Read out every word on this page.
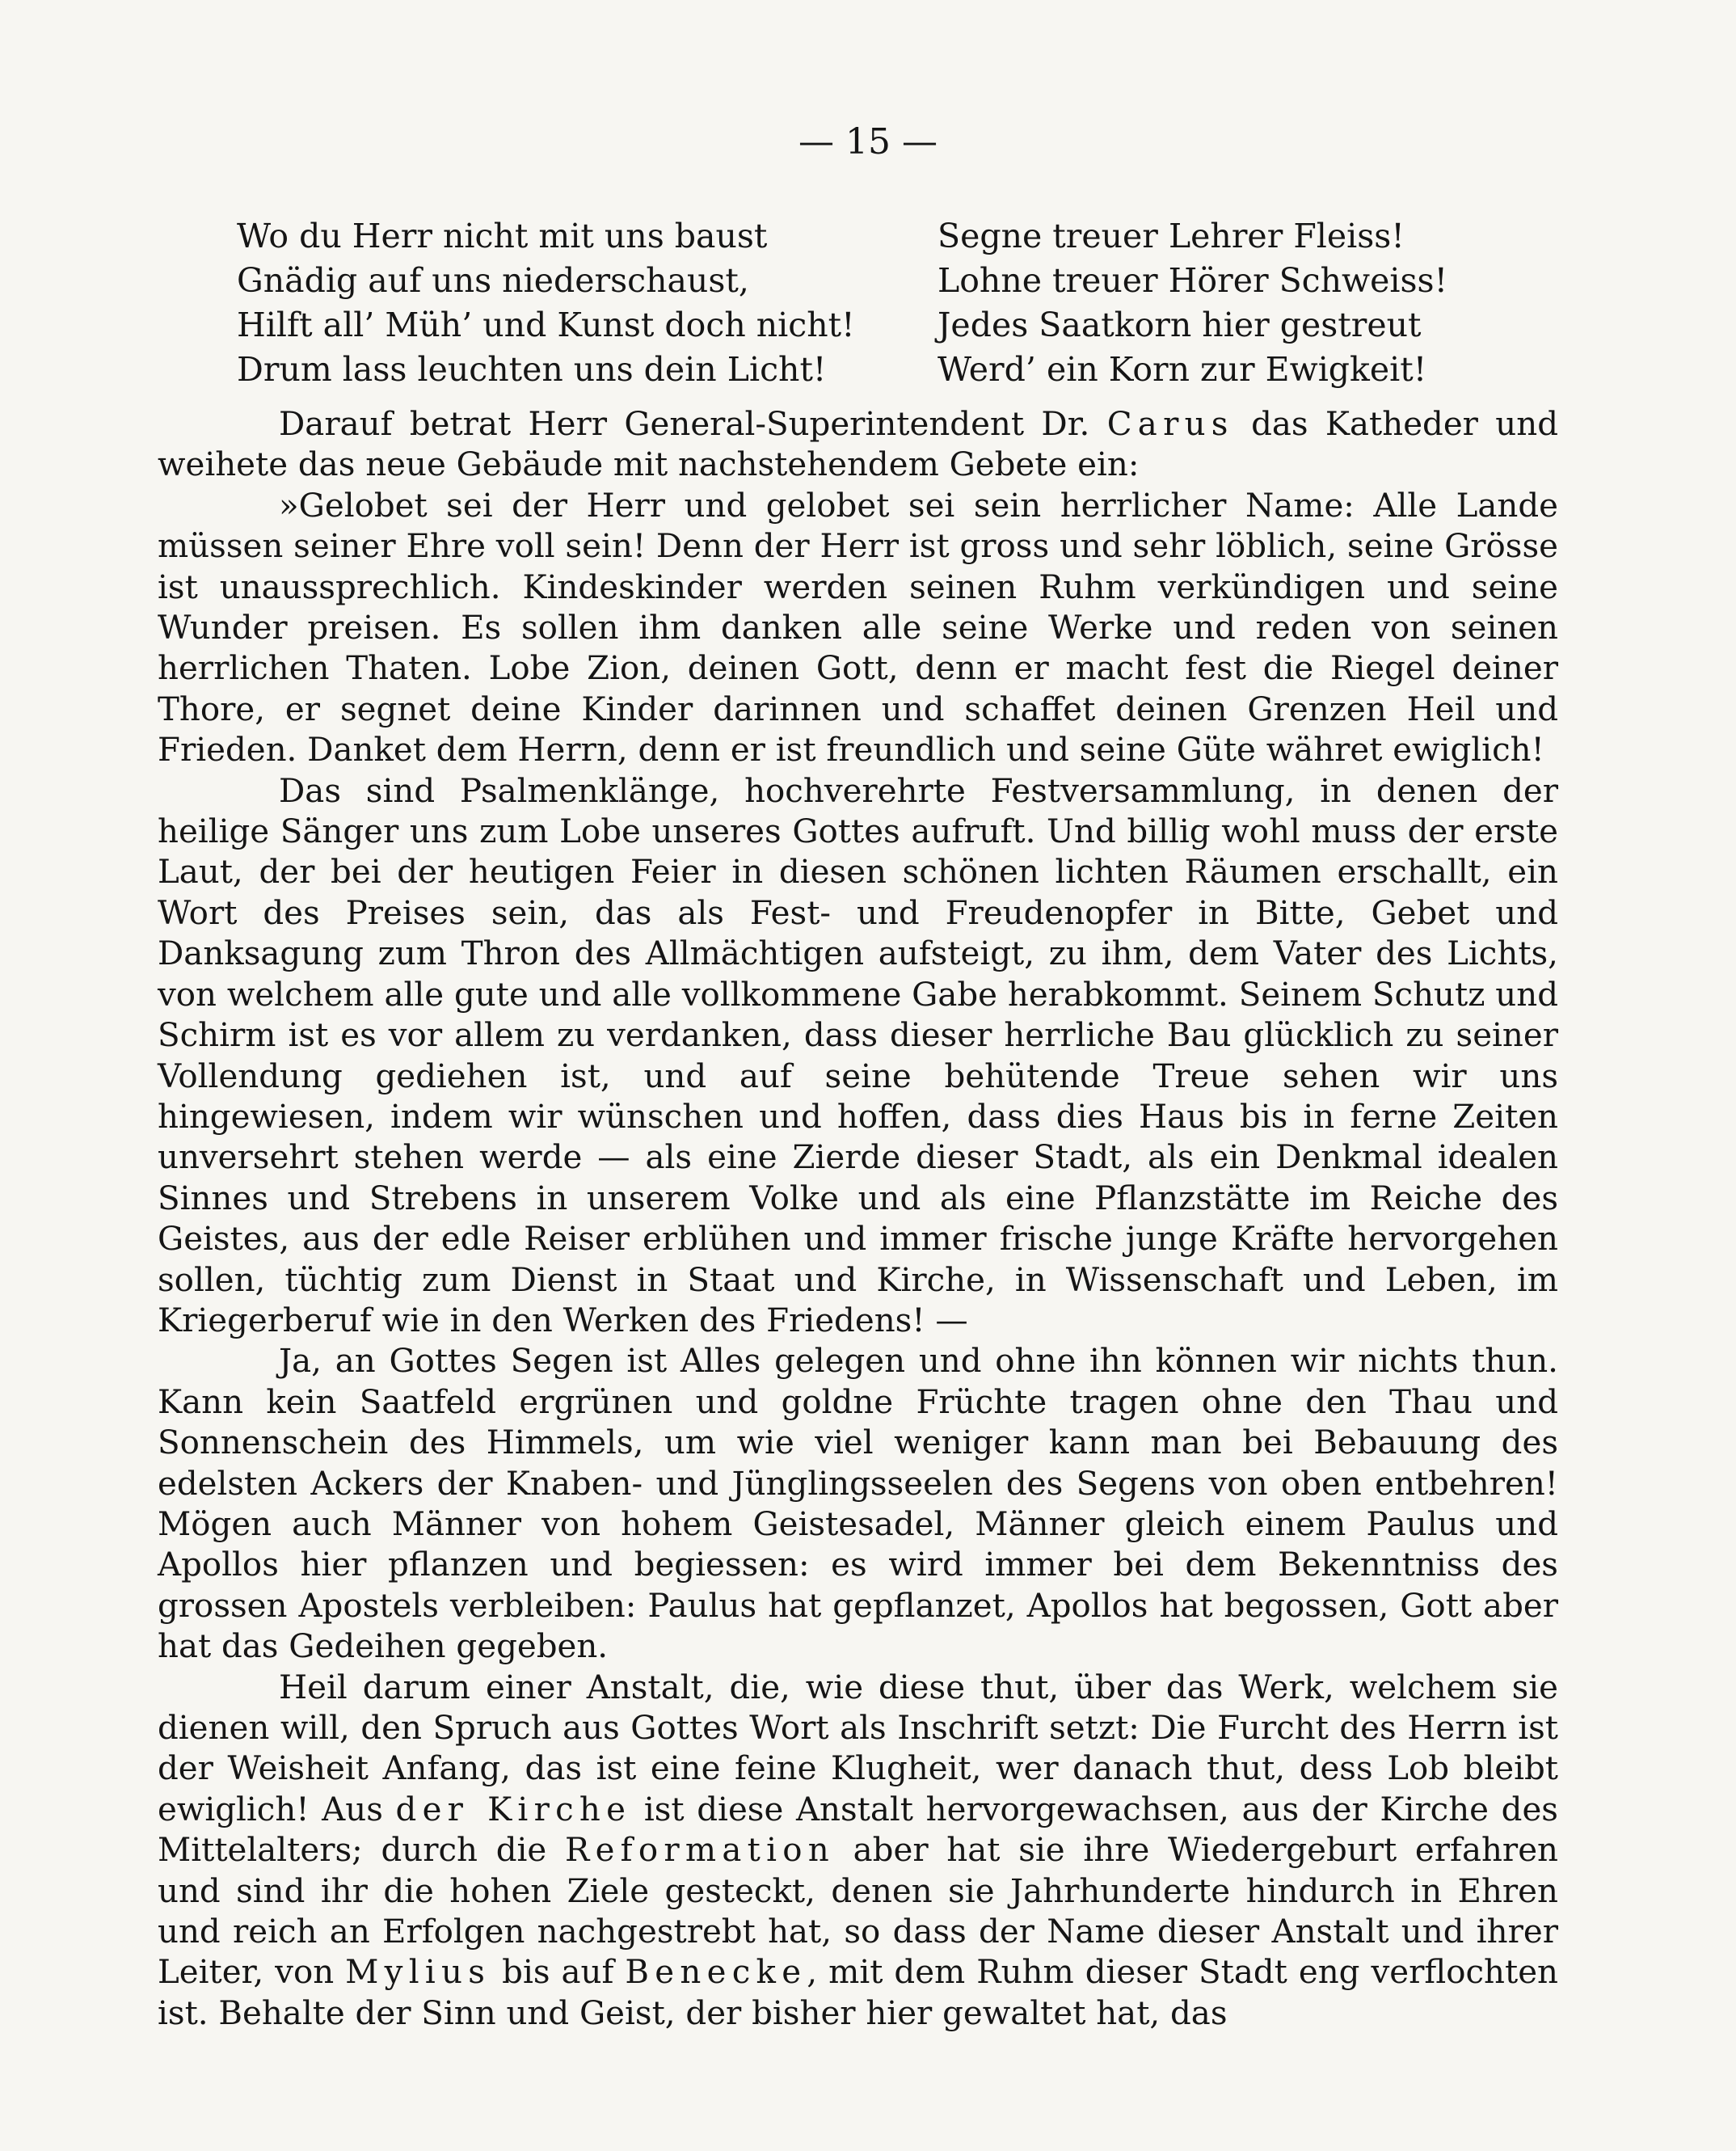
— 15 —
Wo du Herr nicht mit uns baust
Gnädig auf uns niederschaust,
Hilft all’ Müh’ und Kunst doch nicht!
Drum lass leuchten uns dein Licht!
Segne treuer Lehrer Fleiss!
Lohne treuer Hörer Schweiss!
Jedes Saatkorn hier gestreut
Werd’ ein Korn zur Ewigkeit!

Darauf betrat Herr General-Superintendent Dr. Carus das Katheder und weihete das neue Gebäude mit nachstehendem Gebete ein:

»Gelobet sei der Herr und gelobet sei sein herrlicher Name: Alle Lande müssen seiner Ehre voll sein! Denn der Herr ist gross und sehr löblich, seine Grösse ist unaussprechlich. Kindeskinder werden seinen Ruhm verkündigen und seine Wunder preisen. Es sollen ihm danken alle seine Werke und reden von seinen herrlichen Thaten. Lobe Zion, deinen Gott, denn er macht fest die Riegel deiner Thore, er segnet deine Kinder darinnen und schaffet deinen Grenzen Heil und Frieden. Danket dem Herrn, denn er ist freundlich und seine Güte währet ewiglich!

Das sind Psalmenklänge, hochverehrte Festversammlung, in denen der heilige Sänger uns zum Lobe unseres Gottes aufruft. Und billig wohl muss der erste Laut, der bei der heutigen Feier in diesen schönen lichten Räumen erschallt, ein Wort des Preises sein, das als Fest- und Freudenopfer in Bitte, Gebet und Danksagung zum Thron des Allmächtigen aufsteigt, zu ihm, dem Vater des Lichts, von welchem alle gute und alle vollkommene Gabe herabkommt. Seinem Schutz und Schirm ist es vor allem zu verdanken, dass dieser herrliche Bau glücklich zu seiner Vollendung gediehen ist, und auf seine behütende Treue sehen wir uns hingewiesen, indem wir wünschen und hoffen, dass dies Haus bis in ferne Zeiten unversehrt stehen werde — als eine Zierde dieser Stadt, als ein Denkmal idealen Sinnes und Strebens in unserem Volke und als eine Pflanzstätte im Reiche des Geistes, aus der edle Reiser erblühen und immer frische junge Kräfte hervorgehen sollen, tüchtig zum Dienst in Staat und Kirche, in Wissenschaft und Leben, im Kriegerberuf wie in den Werken des Friedens! —

Ja, an Gottes Segen ist Alles gelegen und ohne ihn können wir nichts thun. Kann kein Saatfeld ergrünen und goldne Früchte tragen ohne den Thau und Sonnenschein des Himmels, um wie viel weniger kann man bei Bebauung des edelsten Ackers der Knaben- und Jünglingsseelen des Segens von oben entbehren! Mögen auch Männer von hohem Geistesadel, Männer gleich einem Paulus und Apollos hier pflanzen und begiessen: es wird immer bei dem Bekenntniss des grossen Apostels verbleiben: Paulus hat gepflanzet, Apollos hat begossen, Gott aber hat das Gedeihen gegeben.

Heil darum einer Anstalt, die, wie diese thut, über das Werk, welchem sie dienen will, den Spruch aus Gottes Wort als Inschrift setzt: Die Furcht des Herrn ist der Weisheit Anfang, das ist eine feine Klugheit, wer danach thut, dess Lob bleibt ewiglich! Aus der Kirche ist diese Anstalt hervorgewachsen, aus der Kirche des Mittelalters; durch die Reformation aber hat sie ihre Wiedergeburt erfahren und sind ihr die hohen Ziele gesteckt, denen sie Jahrhunderte hindurch in Ehren und reich an Erfolgen nachgestrebt hat, so dass der Name dieser Anstalt und ihrer Leiter, von Mylius bis auf Benecke, mit dem Ruhm dieser Stadt eng verflochten ist. Behalte der Sinn und Geist, der bisher hier gewaltet hat, das
